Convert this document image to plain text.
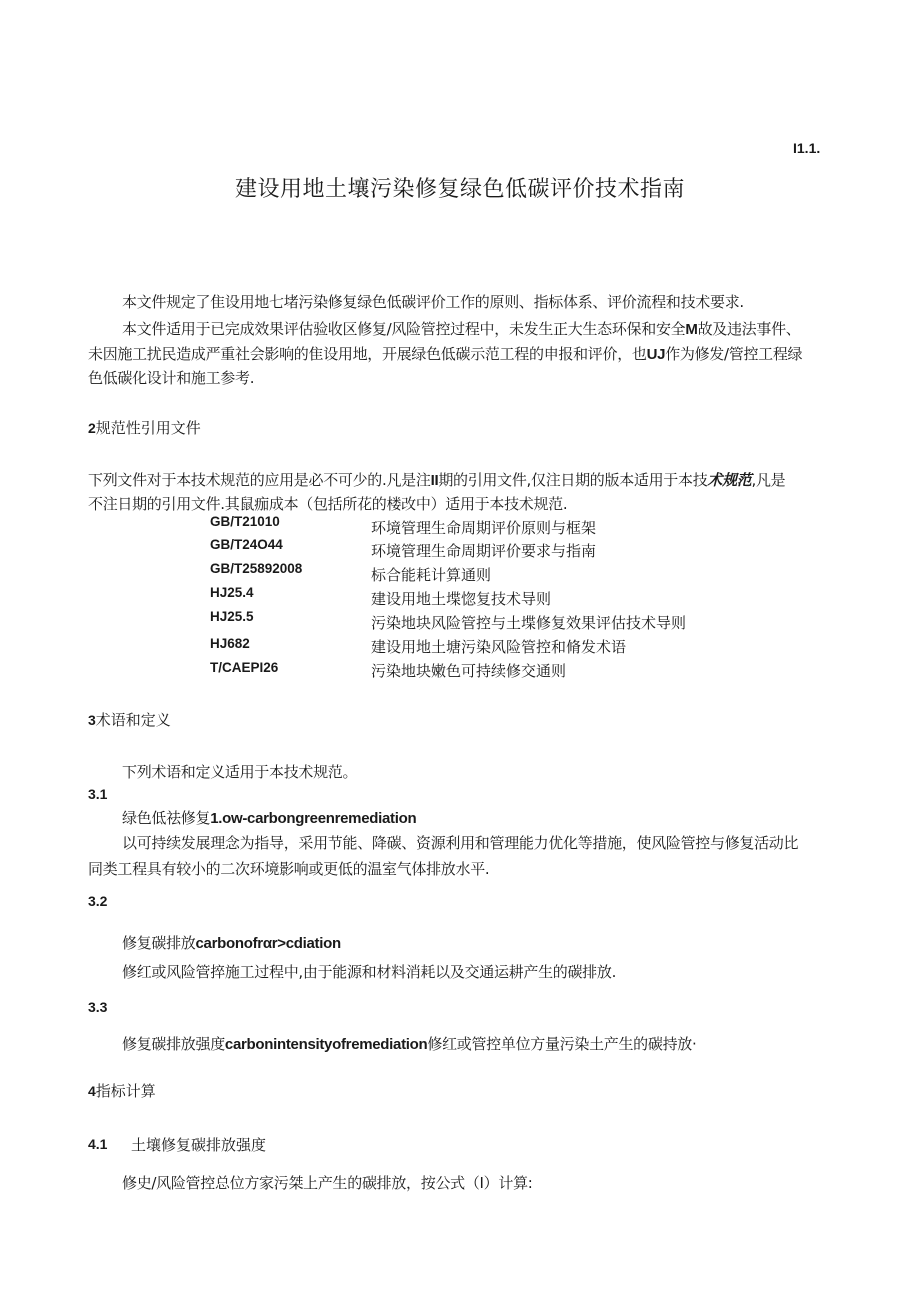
I1.1.
建设用地土壤污染修复绿色低碳评价技术指南
本文件规定了隹设用地七堵污染修复绿色低碳评价工作的原则、指标体系、评价流程和技术要求.
本文件适用于已完成效果评估验收区修复/风险管控过程中，未发生正大生态环保和安全M故及违法事件、
未因施工扰民造成严重社会影响的隹设用地，开展绿色低碳示范工程的申报和评价，也UJ作为修发/管控工程绿
色低碳化设计和施工参考.
2规范性引用文件
下列文件对于本技术规范的应用是必不可少的.凡是注II期的引用文件,仅注日期的版本适用于本技术规范,凡是
不注日期的引用文件.其鼠痂成本（包括所花的楼改中）适用于本技术规范.
GB/T21010	环境管理生命周期评价原则与框架
GB/T24O44	环境管理生命周期评价要求与指南
GB/T25892008	标合能耗计算通则
HJ25.4	建设用地土堞惚复技术导则
HJ25.5	污染地块风险管控与土堞修复效果评估技术导则
HJ682	建设用地土塘污染风险管控和脩发术语
T/CAEPI26	污染地块嫩色可持续修交通则
3术语和定义
下列术语和定义适用于本技术规范。
3.1
绿色低祛修复1.ow-carbongreenremediation
以可持续发展理念为指导，采用节能、降碳、资源利用和管理能力优化等措施，使风险管控与修复活动比
同类工程具有较小的二次环境影响或更低的温室气体排放水平.
3.2
修复碳排放carbonofrαr>cdiation
修红或风险管捽施工过程中,由于能源和材料消耗以及交通运耕产生的碳排放.
3.3
修复碳排放强度carbonintensityofremediation修红或管控单位方量污染土产生的碳持放·
4指标计算
4.1 土壤修复碳排放强度
修史/风险管控总位方家污桀上产生的碳排放，按公式（I）计算:
